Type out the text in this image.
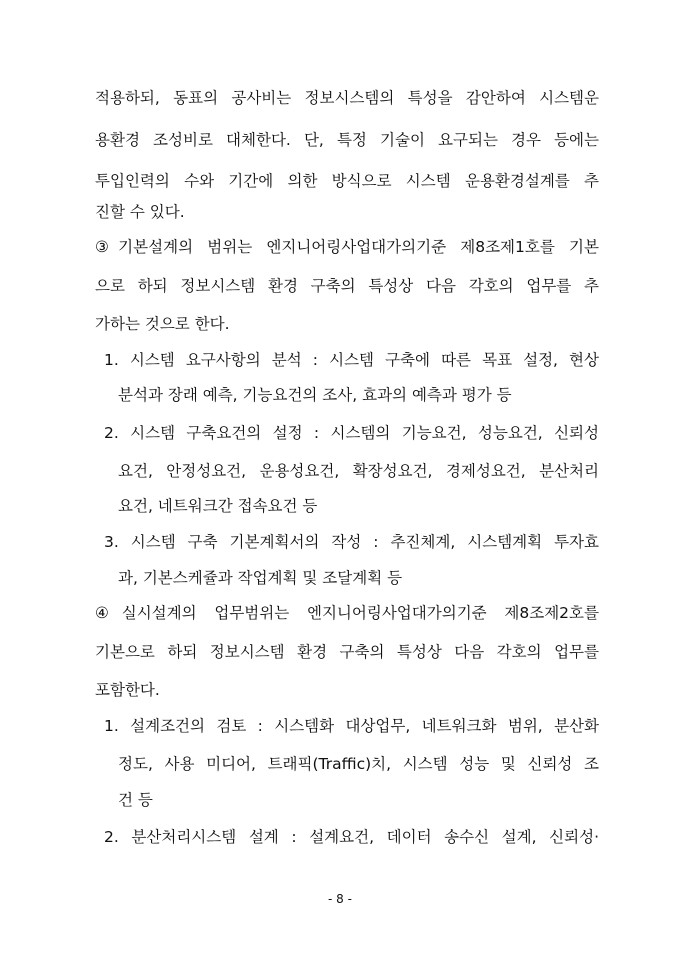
적용하되, 동표의 공사비는 정보시스템의 특성을 감안하여 시스템운
용환경 조성비로 대체한다. 단, 특정 기술이 요구되는 경우 등에는
투입인력의 수와 기간에 의한 방식으로 시스템 운용환경설계를 추
진할 수 있다.
③기본설계의 범위는 엔지니어링사업대가의기준 제8조제1호를 기본
으로 하되 정보시스템 환경 구축의 특성상 다음 각호의 업무를 추
가하는 것으로 한다.
1. 시스템 요구사항의 분석 : 시스템 구축에 따른 목표 설정, 현상
분석과 장래 예측, 기능요건의 조사, 효과의 예측과 평가 등
2. 시스템 구축요건의 설정 : 시스템의 기능요건, 성능요건, 신뢰성
요건, 안정성요건, 운용성요건, 확장성요건, 경제성요건, 분산처리
요건, 네트워크간 접속요건 등
3. 시스템 구축 기본계획서의 작성 : 추진체계, 시스템계획 투자효
과, 기본스케쥴과 작업계획 및 조달계획 등
④실시설계의 업무범위는 엔지니어링사업대가의기준 제8조제2호를
기본으로 하되 정보시스템 환경 구축의 특성상 다음 각호의 업무를
포함한다.
1. 설계조건의 검토 : 시스템화 대상업무, 네트워크화 범위, 분산화
정도, 사용 미디어, 트래픽(Traffic)치, 시스템 성능 및 신뢰성 조
건 등
2. 분산처리시스템 설계 : 설계요건, 데이터 송수신 설계, 신뢰성·
- 8 -
